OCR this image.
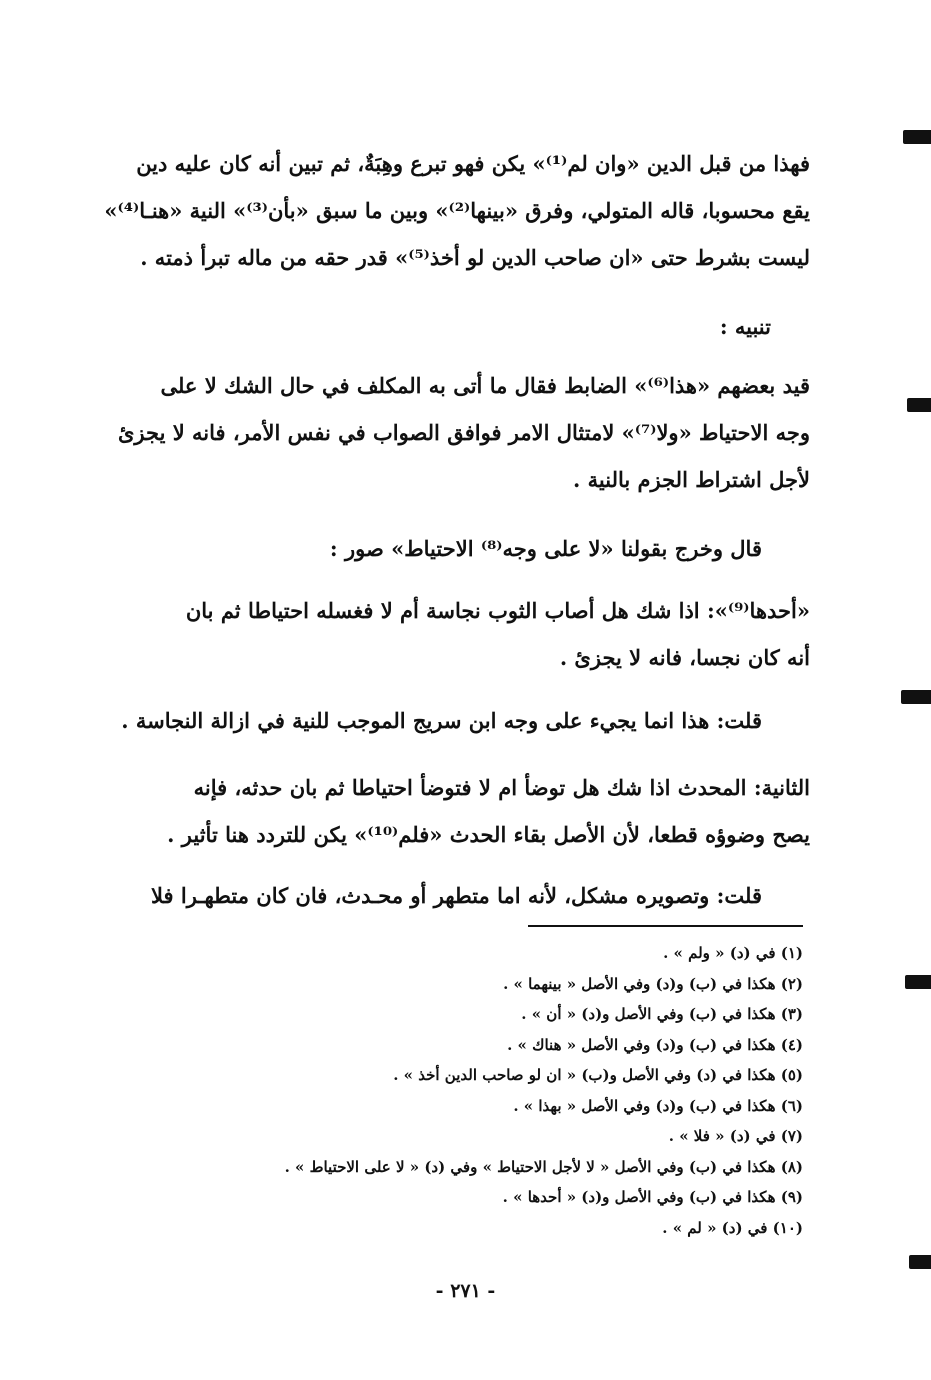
فهذا من قبل الدين «وان لم⁽¹⁾» يكن فهو تبرع وهِبَةٌ، ثم تبين أنه كان عليه دين
يقع محسوبا، قاله المتولي، وفرق «بينها⁽²⁾» وبين ما سبق «بأن⁽³⁾» النية «هنـا⁽⁴⁾»
ليست بشرط حتى «ان صاحب الدين لو أخذ⁽⁵⁾» قدر حقه من ماله تبرأ ذمته .
تنبيه :
قيد بعضهم «هذا⁽⁶⁾» الضابط فقال ما أتى به المكلف في حال الشك لا على
وجه الاحتياط «ولا⁽⁷⁾» لامتثال الامر فوافق الصواب في نفس الأمر، فانه لا يجزئ
لأجل اشتراط الجزم بالنية .
قال وخرج بقولنا «لا على وجه⁽⁸⁾ الاحتياط» صور :
«أحدها⁽⁹⁾»: اذا شك هل أصاب الثوب نجاسة أم لا فغسله احتياطا ثم بان
أنه كان نجسا، فانه لا يجزئ .
قلت: هذا انما يجيء على وجه ابن سريج الموجب للنية في ازالة النجاسة .
الثانية: المحدث اذا شك هل توضأ ام لا فتوضأ احتياطا ثم بان حدثه، فإنه
يصح وضوؤه قطعا، لأن الأصل بقاء الحدث «فلم⁽¹⁰⁾» يكن للتردد هنا تأثير .
قلت: وتصويره مشكل، لأنه اما متطهر أو محـدث، فان كان متطهـرا فلا
(١) في (د) « ولم » .
(٢) هكذا في (ب) و(د) وفي الأصل « بينهما » .
(٣) هكذا في (ب) وفي الأصل و(د) « أن » .
(٤) هكذا في (ب) و(د) وفي الأصل « هناك » .
(٥) هكذا في (د) وفي الأصل و(ب) « ان لو صاحب الدين أخذ » .
(٦) هكذا في (ب) و(د) وفي الأصل « بهذا » .
(٧) في (د) « فلا » .
(٨) هكذا في (ب) وفي الأصل « لا لأجل الاحتياط » وفي (د) « لا على الاحتياط » .
(٩) هكذا في (ب) وفي الأصل و(د) « أحدها » .
(١٠) في (د) « لم » .
- ٢٧١ -
